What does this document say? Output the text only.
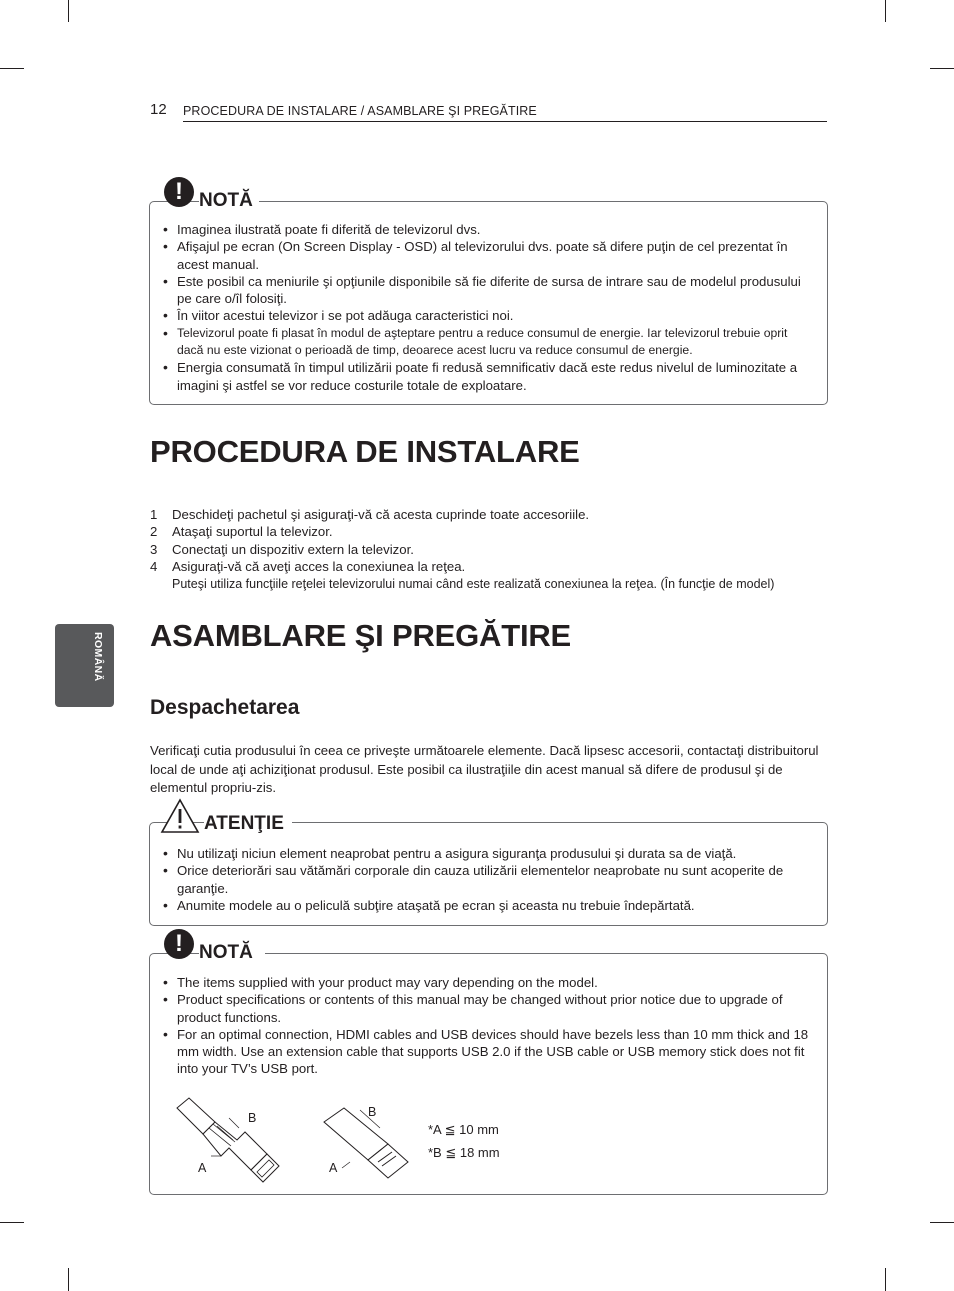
12 PROCEDURA DE INSTALARE / ASAMBLARE ŞI PREGĂTIRE
ROMÂNĂ
• Imaginea ilustrată poate fi diferită de televizorul dvs.
• Afişajul pe ecran (On Screen Display - OSD) al televizorului dvs. poate să difere puţin de cel prezentat în acest manual.
• Este posibil ca meniurile şi opţiunile disponibile să fie diferite de sursa de intrare sau de modelul produsului pe care o/îl folosiţi.
• În viitor acestui televizor i se pot adăuga caracteristici noi.
• Televizorul poate fi plasat în modul de aşteptare pentru a reduce consumul de energie. Iar televizorul trebuie oprit dacă nu este vizionat o perioadă de timp, deoarece acest lucru va reduce consumul de energie.
• Energia consumată în timpul utilizării poate fi redusă semnificativ dacă este redus nivelul de luminozitate a imagini şi astfel se vor reduce costurile totale de exploatare.
! NOTĂ
PROCEDURA DE INSTALARE
1 Deschideţi pachetul şi asiguraţi-vă că acesta cuprinde toate accesoriile.
2 Ataşaţi suportul la televizor.
3 Conectaţi un dispozitiv extern la televizor.
4 Asiguraţi-vă că aveţi acces la conexiunea la reţea.
Puteşi utiliza funcţiile reţelei televizorului numai când este realizată conexiunea la reţea. (În funcţie de model)
ASAMBLARE ŞI PREGĂTIRE
Despachetarea

Verificaţi cutia produsului în ceea ce priveşte următoarele elemente. Dacă lipsesc accesorii, contactaţi distribuitorul local de unde aţi achiziţionat produsul. Este posibil ca ilustraţiile din acest manual să difere de produsul şi de elementul propriu-zis.

• Nu utilizaţi niciun element neaprobat pentru a asigura siguranţa produsului şi durata sa de viaţă.
• Orice deteriorări sau vătămări corporale din cauza utilizării elementelor neaprobate nu sunt acoperite de garanţie.
• Anumite modele au o peliculă subţire ataşată pe ecran şi aceasta nu trebuie îndepărtată.
ATENŢIE
• The items supplied with your product may vary depending on the model.
• Product specifications or contents of this manual may be changed without prior notice due to upgrade of product functions.
• For an optimal connection, HDMI cables and USB devices should have bezels less than 10 mm thick and 18 mm width. Use an extension cable that supports USB 2.0 if the USB cable or USB memory stick does not fit into your TV’s USB port.
B
A
B
A
*A ≦ 10 mm
*B ≦ 18 mm
! NOTĂ
